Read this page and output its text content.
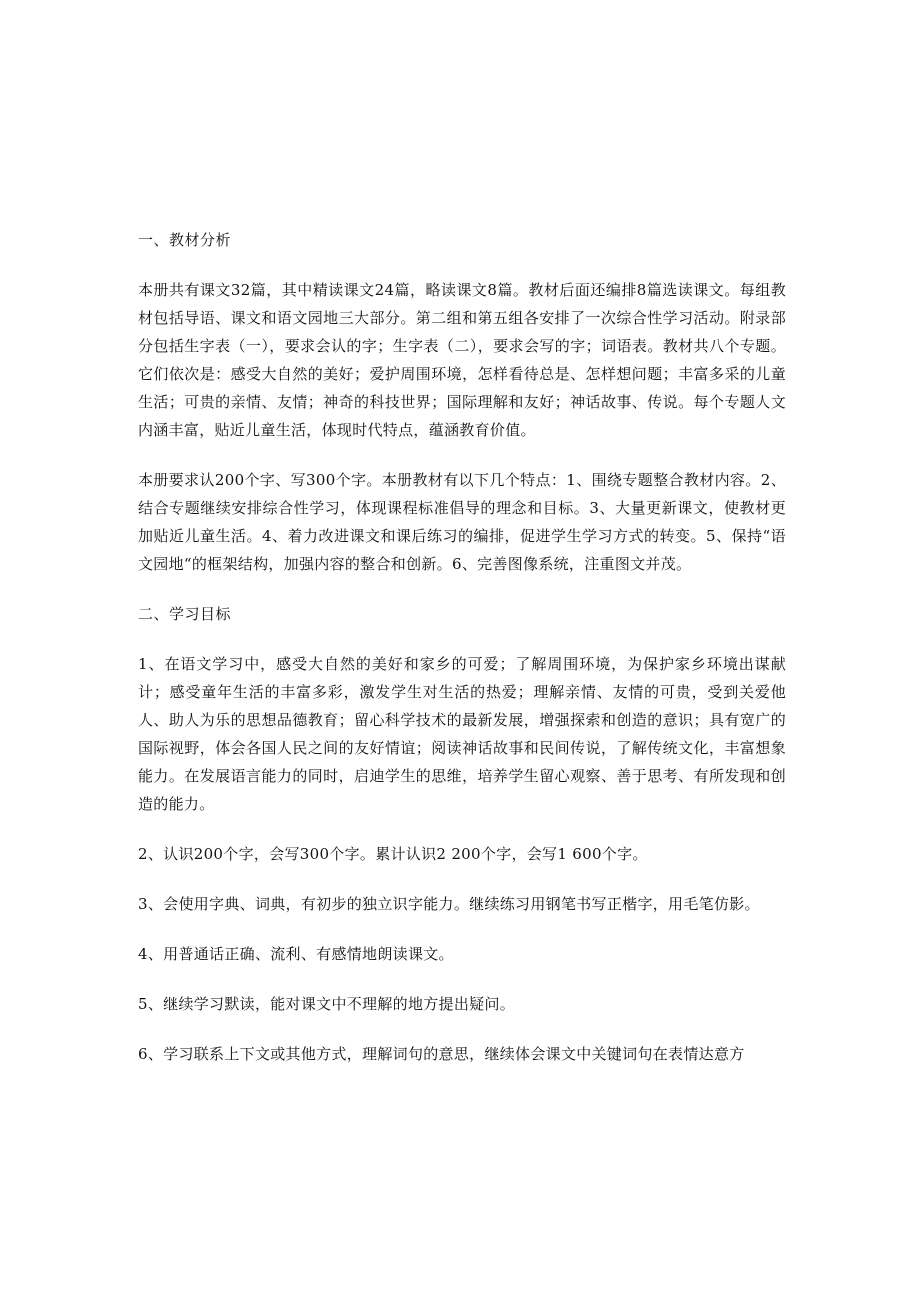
一、教材分析

本册共有课文32篇，其中精读课文24篇，略读课文8篇。教材后面还编排8篇选读课文。每组教材包括导语、课文和语文园地三大部分。第二组和第五组各安排了一次综合性学习活动。附录部分包括生字表（一），要求会认的字；生字表（二），要求会写的字；词语表。教材共八个专题。它们依次是：感受大自然的美好；爱护周围环境，怎样看待总是、怎样想问题；丰富多采的儿童生活；可贵的亲情、友情；神奇的科技世界；国际理解和友好；神话故事、传说。每个专题人文内涵丰富，贴近儿童生活，体现时代特点，蕴涵教育价值。

本册要求认200个字、写300个字。本册教材有以下几个特点：1、围绕专题整合教材内容。2、结合专题继续安排综合性学习，体现课程标准倡导的理念和目标。3、大量更新课文，使教材更加贴近儿童生活。4、着力改进课文和课后练习的编排，促进学生学习方式的转变。5、保持“语文园地“的框架结构，加强内容的整合和创新。6、完善图像系统，注重图文并茂。

二、学习目标

1、在语文学习中，感受大自然的美好和家乡的可爱；了解周围环境，为保护家乡环境出谋献计；感受童年生活的丰富多彩，激发学生对生活的热爱；理解亲情、友情的可贵，受到关爱他人、助人为乐的思想品德教育；留心科学技术的最新发展，增强探索和创造的意识；具有宽广的国际视野，体会各国人民之间的友好情谊；阅读神话故事和民间传说，了解传统文化，丰富想象能力。在发展语言能力的同时，启迪学生的思维，培养学生留心观察、善于思考、有所发现和创造的能力。

2、认识200个字，会写300个字。累计认识2 200个字，会写1 600个字。

3、会使用字典、词典，有初步的独立识字能力。继续练习用钢笔书写正楷字，用毛笔仿影。

4、用普通话正确、流利、有感情地朗读课文。

5、继续学习默读，能对课文中不理解的地方提出疑问。

6、学习联系上下文或其他方式，理解词句的意思，继续体会课文中关键词句在表情达意方
